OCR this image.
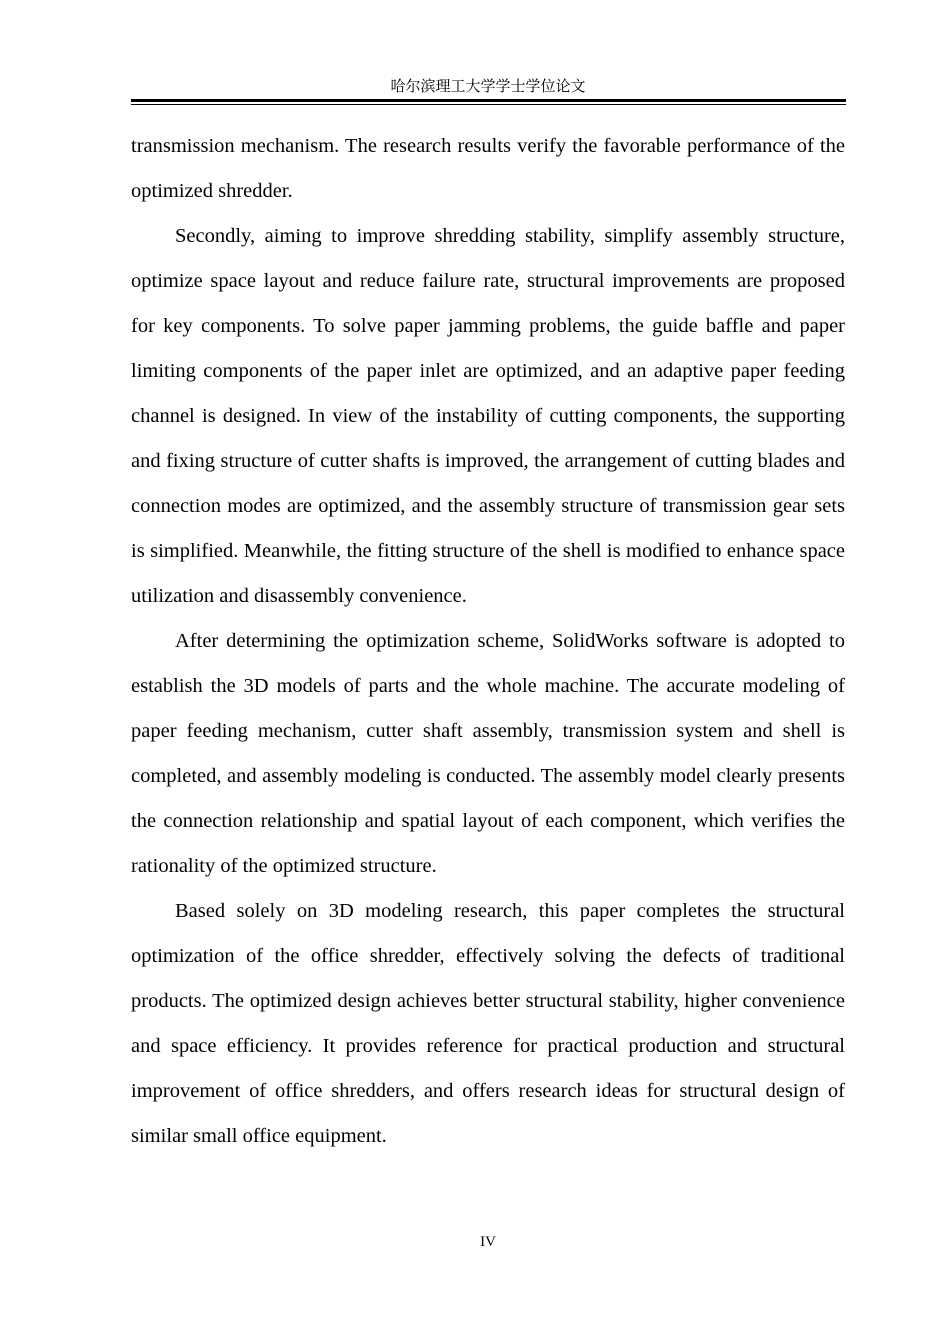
哈尔滨理工大学学士学位论文

transmission mechanism. The research results verify the favorable performance of the optimized shredder.

Secondly, aiming to improve shredding stability, simplify assembly structure, optimize space layout and reduce failure rate, structural improvements are proposed for key components. To solve paper jamming problems, the guide baffle and paper limiting components of the paper inlet are optimized, and an adaptive paper feeding channel is designed. In view of the instability of cutting components, the supporting and fixing structure of cutter shafts is improved, the arrangement of cutting blades and connection modes are optimized, and the assembly structure of transmission gear sets is simplified. Meanwhile, the fitting structure of the shell is modified to enhance space utilization and disassembly convenience.

After determining the optimization scheme, SolidWorks software is adopted to establish the 3D models of parts and the whole machine. The accurate modeling of paper feeding mechanism, cutter shaft assembly, transmission system and shell is completed, and assembly modeling is conducted. The assembly model clearly presents the connection relationship and spatial layout of each component, which verifies the rationality of the optimized structure.

Based solely on 3D modeling research, this paper completes the structural optimization of the office shredder, effectively solving the defects of traditional products. The optimized design achieves better structural stability, higher convenience and space efficiency. It provides reference for practical production and structural improvement of office shredders, and offers research ideas for structural design of similar small office equipment.

IV
